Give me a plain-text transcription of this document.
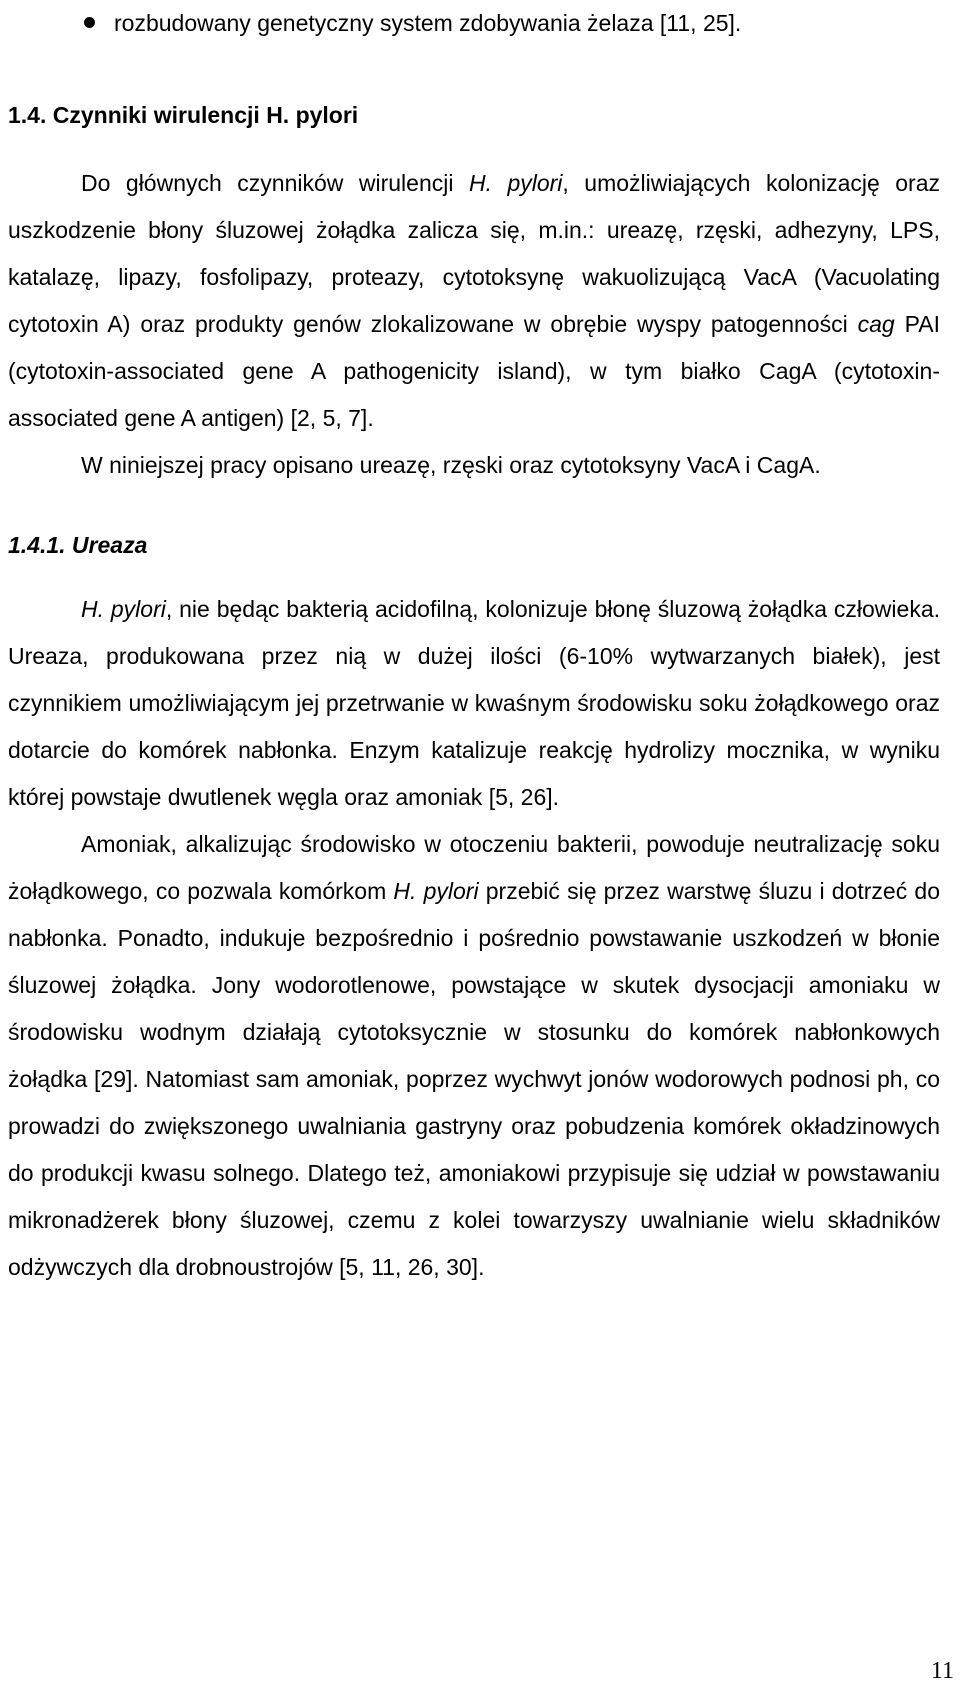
rozbudowany genetyczny system zdobywania żelaza [11, 25].
1.4. Czynniki wirulencji H. pylori

Do głównych czynników wirulencji H. pylori, umożliwiających kolonizację oraz uszkodzenie błony śluzowej żołądka zalicza się, m.in.: ureazę, rzęski, adhezyny, LPS, katalazę, lipazy, fosfolipazy, proteazy, cytotoksynę wakuolizującą VacA (Vacuolating cytotoxin A) oraz produkty genów zlokalizowane w obrębie wyspy patogenności cag PAI (cytotoxin-associated gene A pathogenicity island), w tym białko CagA (cytotoxin-associated gene A antigen) [2, 5, 7].

W niniejszej pracy opisano ureazę, rzęski oraz cytotoksyny VacA i CagA.

1.4.1. Ureaza

H. pylori, nie będąc bakterią acidofilną, kolonizuje błonę śluzową żołądka człowieka. Ureaza, produkowana przez nią w dużej ilości (6-10% wytwarzanych białek), jest czynnikiem umożliwiającym jej przetrwanie w kwaśnym środowisku soku żołądkowego oraz dotarcie do komórek nabłonka. Enzym katalizuje reakcję hydrolizy mocznika, w wyniku której powstaje dwutlenek węgla oraz amoniak [5, 26].

Amoniak, alkalizując środowisko w otoczeniu bakterii, powoduje neutralizację soku żołądkowego, co pozwala komórkom H. pylori przebić się przez warstwę śluzu i dotrzeć do nabłonka. Ponadto, indukuje bezpośrednio i pośrednio powstawanie uszkodzeń w błonie śluzowej żołądka. Jony wodorotlenowe, powstające w skutek dysocjacji amoniaku w środowisku wodnym działają cytotoksycznie w stosunku do komórek nabłonkowych żołądka [29]. Natomiast sam amoniak, poprzez wychwyt jonów wodorowych podnosi ph, co prowadzi do zwiększonego uwalniania gastryny oraz pobudzenia komórek okładzinowych do produkcji kwasu solnego. Dlatego też, amoniakowi przypisuje się udział w powstawaniu mikronadżerek błony śluzowej, czemu z kolei towarzyszy uwalnianie wielu składników odżywczych dla drobnoustrojów [5, 11, 26, 30].

11
